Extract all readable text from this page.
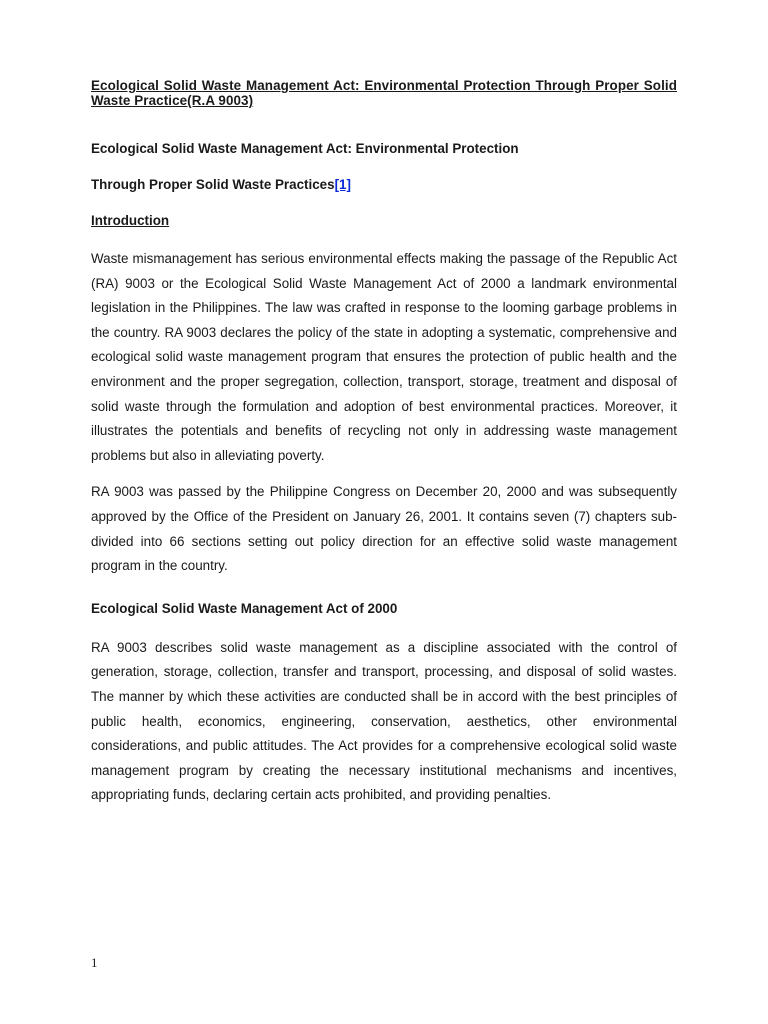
Ecological Solid Waste Management Act: Environmental Protection Through Proper Solid Waste Practice(R.A 9003)

Ecological Solid Waste Management Act: Environmental Protection

Through Proper Solid Waste Practices[1]

Introduction

Waste mismanagement has serious environmental effects making the passage of the Republic Act (RA) 9003 or the Ecological Solid Waste Management Act of 2000 a landmark environmental legislation in the Philippines. The law was crafted in response to the looming garbage problems in the country. RA 9003 declares the policy of the state in adopting a systematic, comprehensive and ecological solid waste management program that ensures the protection of public health and the environment and the proper segregation, collection, transport, storage, treatment and disposal of solid waste through the formulation and adoption of best environmental practices. Moreover, it illustrates the potentials and benefits of recycling not only in addressing waste management problems but also in alleviating poverty.

RA 9003 was passed by the Philippine Congress on December 20, 2000 and was subsequently approved by the Office of the President on January 26, 2001. It contains seven (7) chapters sub-divided into 66 sections setting out policy direction for an effective solid waste management program in the country.

Ecological Solid Waste Management Act of 2000

RA 9003 describes solid waste management as a discipline associated with the control of generation, storage, collection, transfer and transport, processing, and disposal of solid wastes. The manner by which these activities are conducted shall be in accord with the best principles of public health, economics, engineering, conservation, aesthetics, other environmental considerations, and public attitudes. The Act provides for a comprehensive ecological solid waste management program by creating the necessary institutional mechanisms and incentives, appropriating funds, declaring certain acts prohibited, and providing penalties.

1
